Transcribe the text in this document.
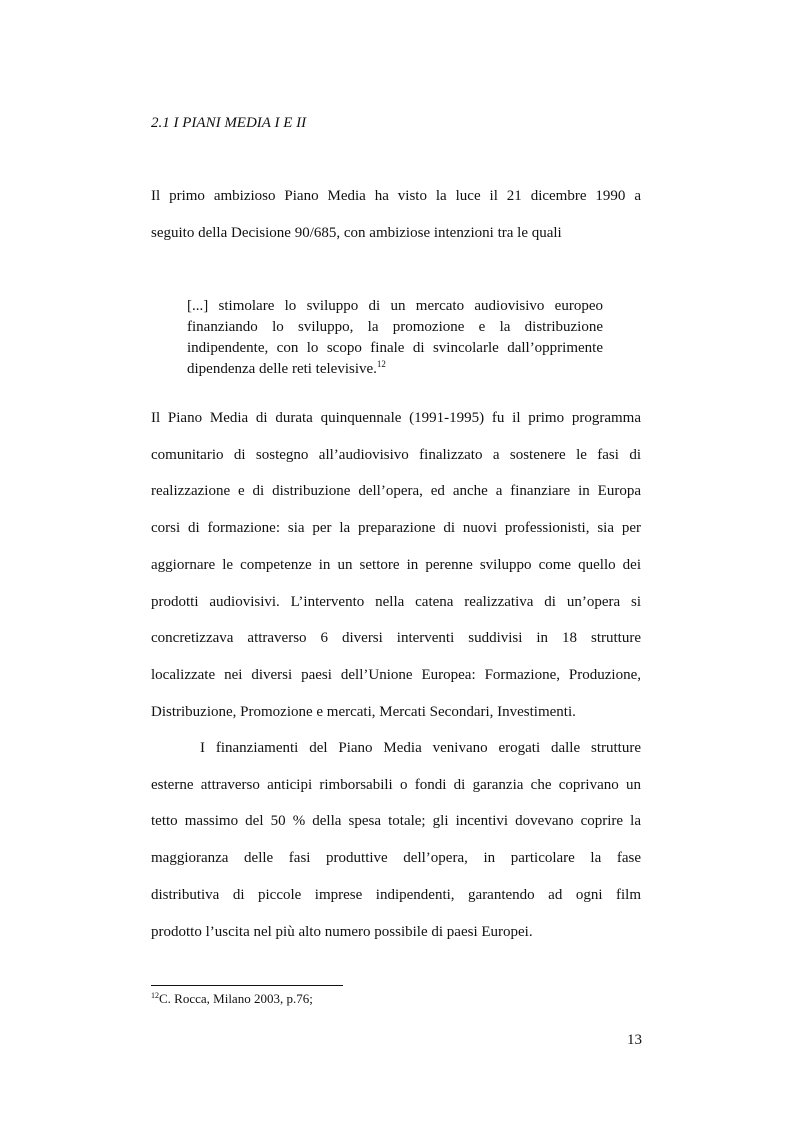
2.1 I PIANI MEDIA I E II
Il primo ambizioso Piano Media ha visto la luce il 21 dicembre 1990 a
seguito della Decisione 90/685, con ambiziose intenzioni tra le quali
[...] stimolare lo sviluppo di un mercato audiovisivo europeo
finanziando lo sviluppo, la promozione e la distribuzione
indipendente, con lo scopo finale di svincolarle dall’opprimente
dipendenza delle reti televisive.$^{12}$
Il Piano Media di durata quinquennale (1991-1995) fu il primo programma
comunitario di sostegno all’audiovisivo finalizzato a sostenere le fasi di
realizzazione e di distribuzione dell’opera, ed anche a finanziare in Europa
corsi di formazione: sia per la preparazione di nuovi professionisti, sia per
aggiornare le competenze in un settore in perenne sviluppo come quello dei
prodotti audiovisivi. L’intervento nella catena realizzativa di un’opera si
concretizzava attraverso 6 diversi interventi suddivisi in 18 strutture
localizzate nei diversi paesi dell’Unione Europea: Formazione, Produzione,
Distribuzione, Promozione e mercati, Mercati Secondari, Investimenti.
I finanziamenti del Piano Media venivano erogati dalle strutture
esterne attraverso anticipi rimborsabili o fondi di garanzia che coprivano un
tetto massimo del 50 % della spesa totale; gli incentivi dovevano coprire la
maggioranza delle fasi produttive dell’opera, in particolare la fase
distributiva di piccole imprese indipendenti, garantendo ad ogni film
prodotto l’uscita nel più alto numero possibile di paesi Europei.
$^{12}$C. Rocca, Milano 2003, p.76;
13
